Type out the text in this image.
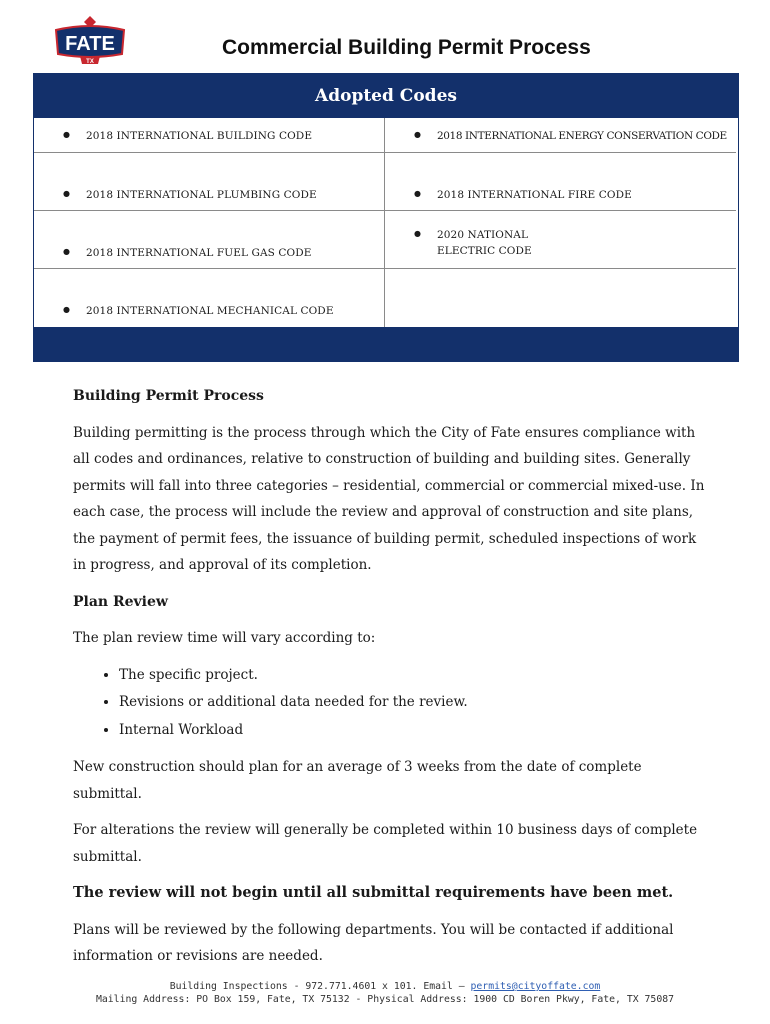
FATE
TX
Commercial Building Permit Process
Adopted Codes
● 2018 INTERNATIONAL BUILDING CODE	● 2018 INTERNATIONAL ENERGY CONSERVATION CODE
● 2018 INTERNATIONAL PLUMBING CODE	● 2018 INTERNATIONAL FIRE CODE
● 2018 INTERNATIONAL FUEL GAS CODE
● 2020 NATIONAL ELECTRIC CODE
● 2018 INTERNATIONAL MECHANICAL CODE
Building Permit Process

Building permitting is the process through which the City of Fate ensures compliance with all codes and ordinances, relative to construction of building and building sites. Generally permits will fall into three categories – residential, commercial or commercial mixed-use. In each case, the process will include the review and approval of construction and site plans, the payment of permit fees, the issuance of building permit, scheduled inspections of work in progress, and approval of its completion.

Plan Review

The plan review time will vary according to:

• The specific project.
• Revisions or additional data needed for the review.
• Internal Workload

New construction should plan for an average of 3 weeks from the date of complete submittal.

For alterations the review will generally be completed within 10 business days of complete submittal.

The review will not begin until all submittal requirements have been met.

Plans will be reviewed by the following departments. You will be contacted if additional information or revisions are needed.

Building Inspections - 972.771.4601 x 101. Email – permits@cityoffate.com
Mailing Address: PO Box 159, Fate, TX 75132 - Physical Address: 1900 CD Boren Pkwy, Fate, TX 75087
